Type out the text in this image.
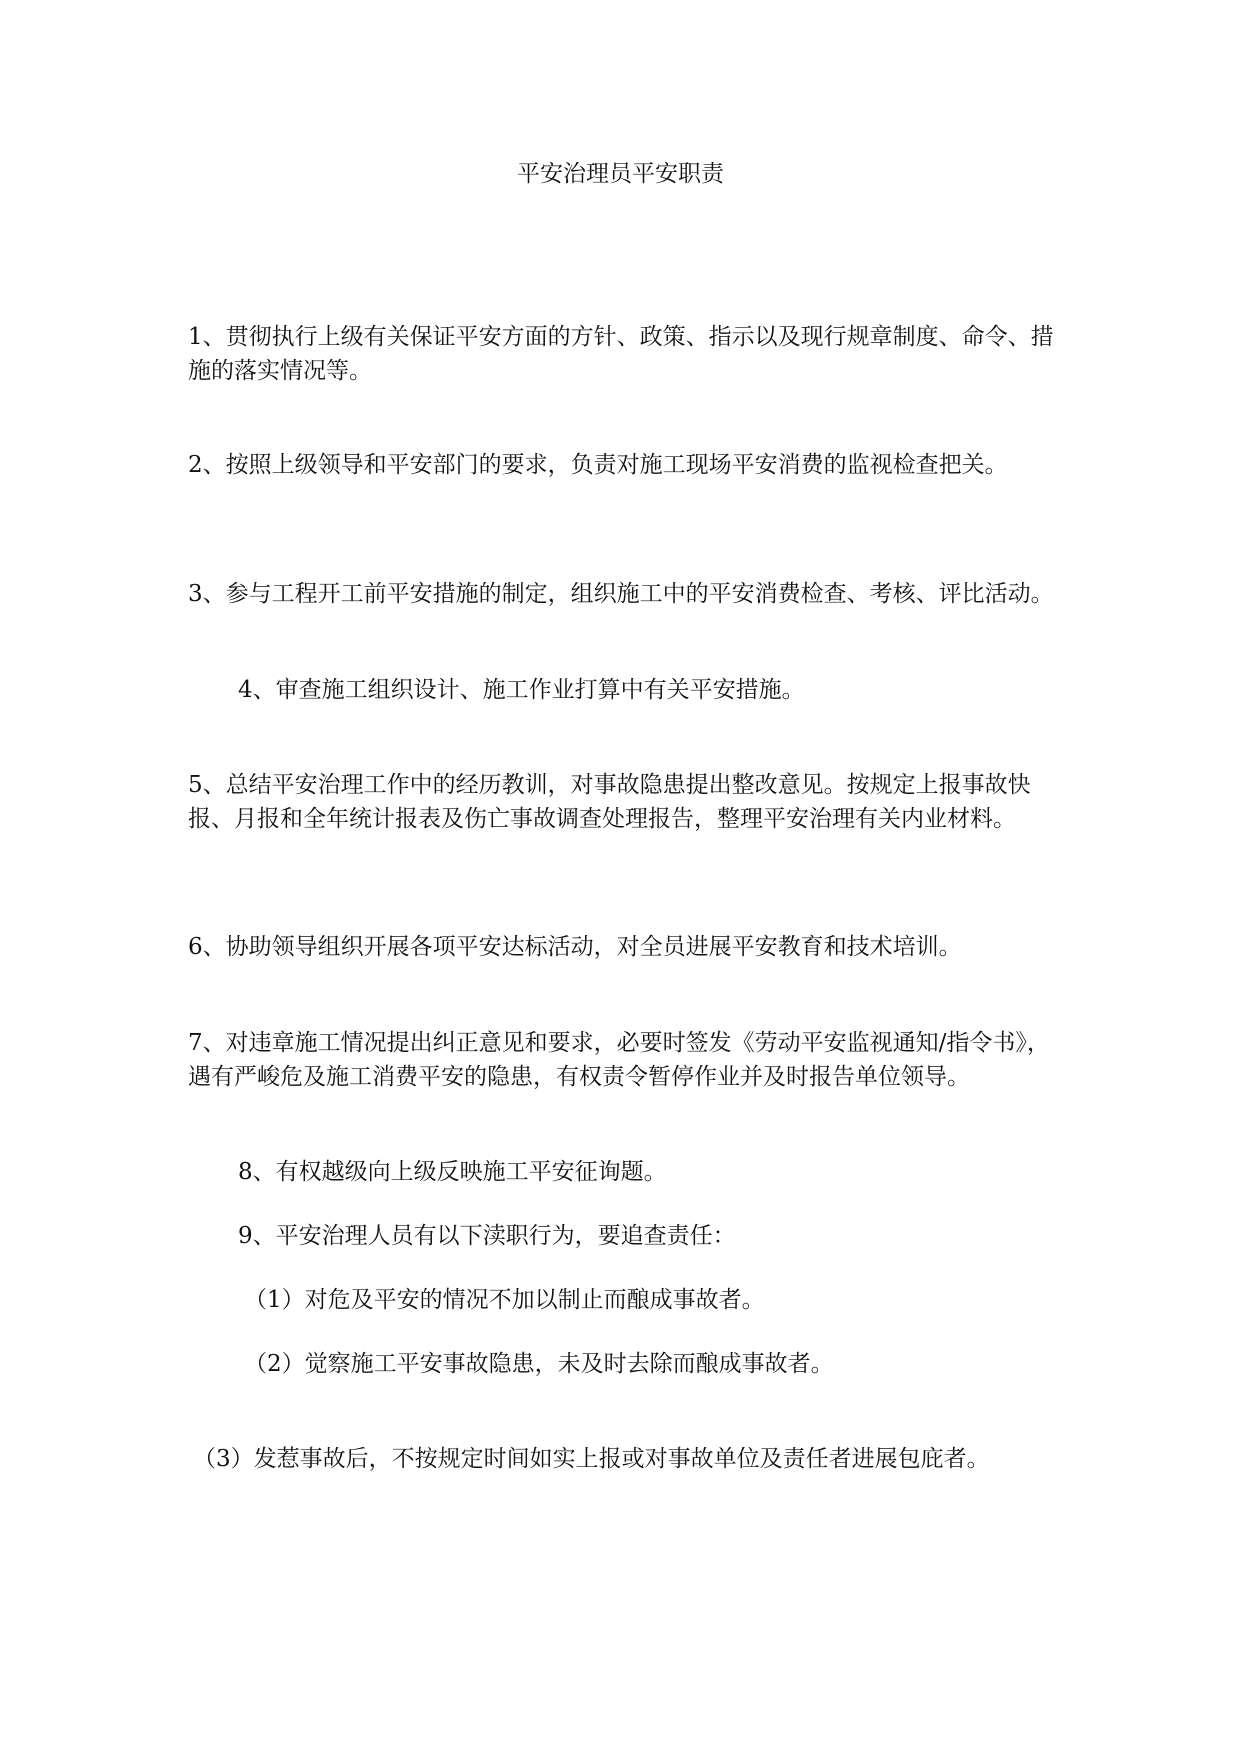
平安治理员平安职责
1、贯彻执行上级有关保证平安方面的方针、政策、指示以及现行规章制度、命令、措施的落实情况等。
2、按照上级领导和平安部门的要求，负责对施工现场平安消费的监视检查把关。
3、参与工程开工前平安措施的制定，组织施工中的平安消费检查、考核、评比活动。
4、审查施工组织设计、施工作业打算中有关平安措施。
5、总结平安治理工作中的经历教训，对事故隐患提出整改意见。按规定上报事故快报、月报和全年统计报表及伤亡事故调查处理报告，整理平安治理有关内业材料。
6、协助领导组织开展各项平安达标活动，对全员进展平安教育和技术培训。
7、对违章施工情况提出纠正意见和要求，必要时签发《劳动平安监视通知/指令书》，遇有严峻危及施工消费平安的隐患，有权责令暂停作业并及时报告单位领导。
8、有权越级向上级反映施工平安征询题。
9、平安治理人员有以下渎职行为，要追查责任：
（1）对危及平安的情况不加以制止而酿成事故者。
（2）觉察施工平安事故隐患，未及时去除而酿成事故者。
（3）发惹事故后，不按规定时间如实上报或对事故单位及责任者进展包庇者。
